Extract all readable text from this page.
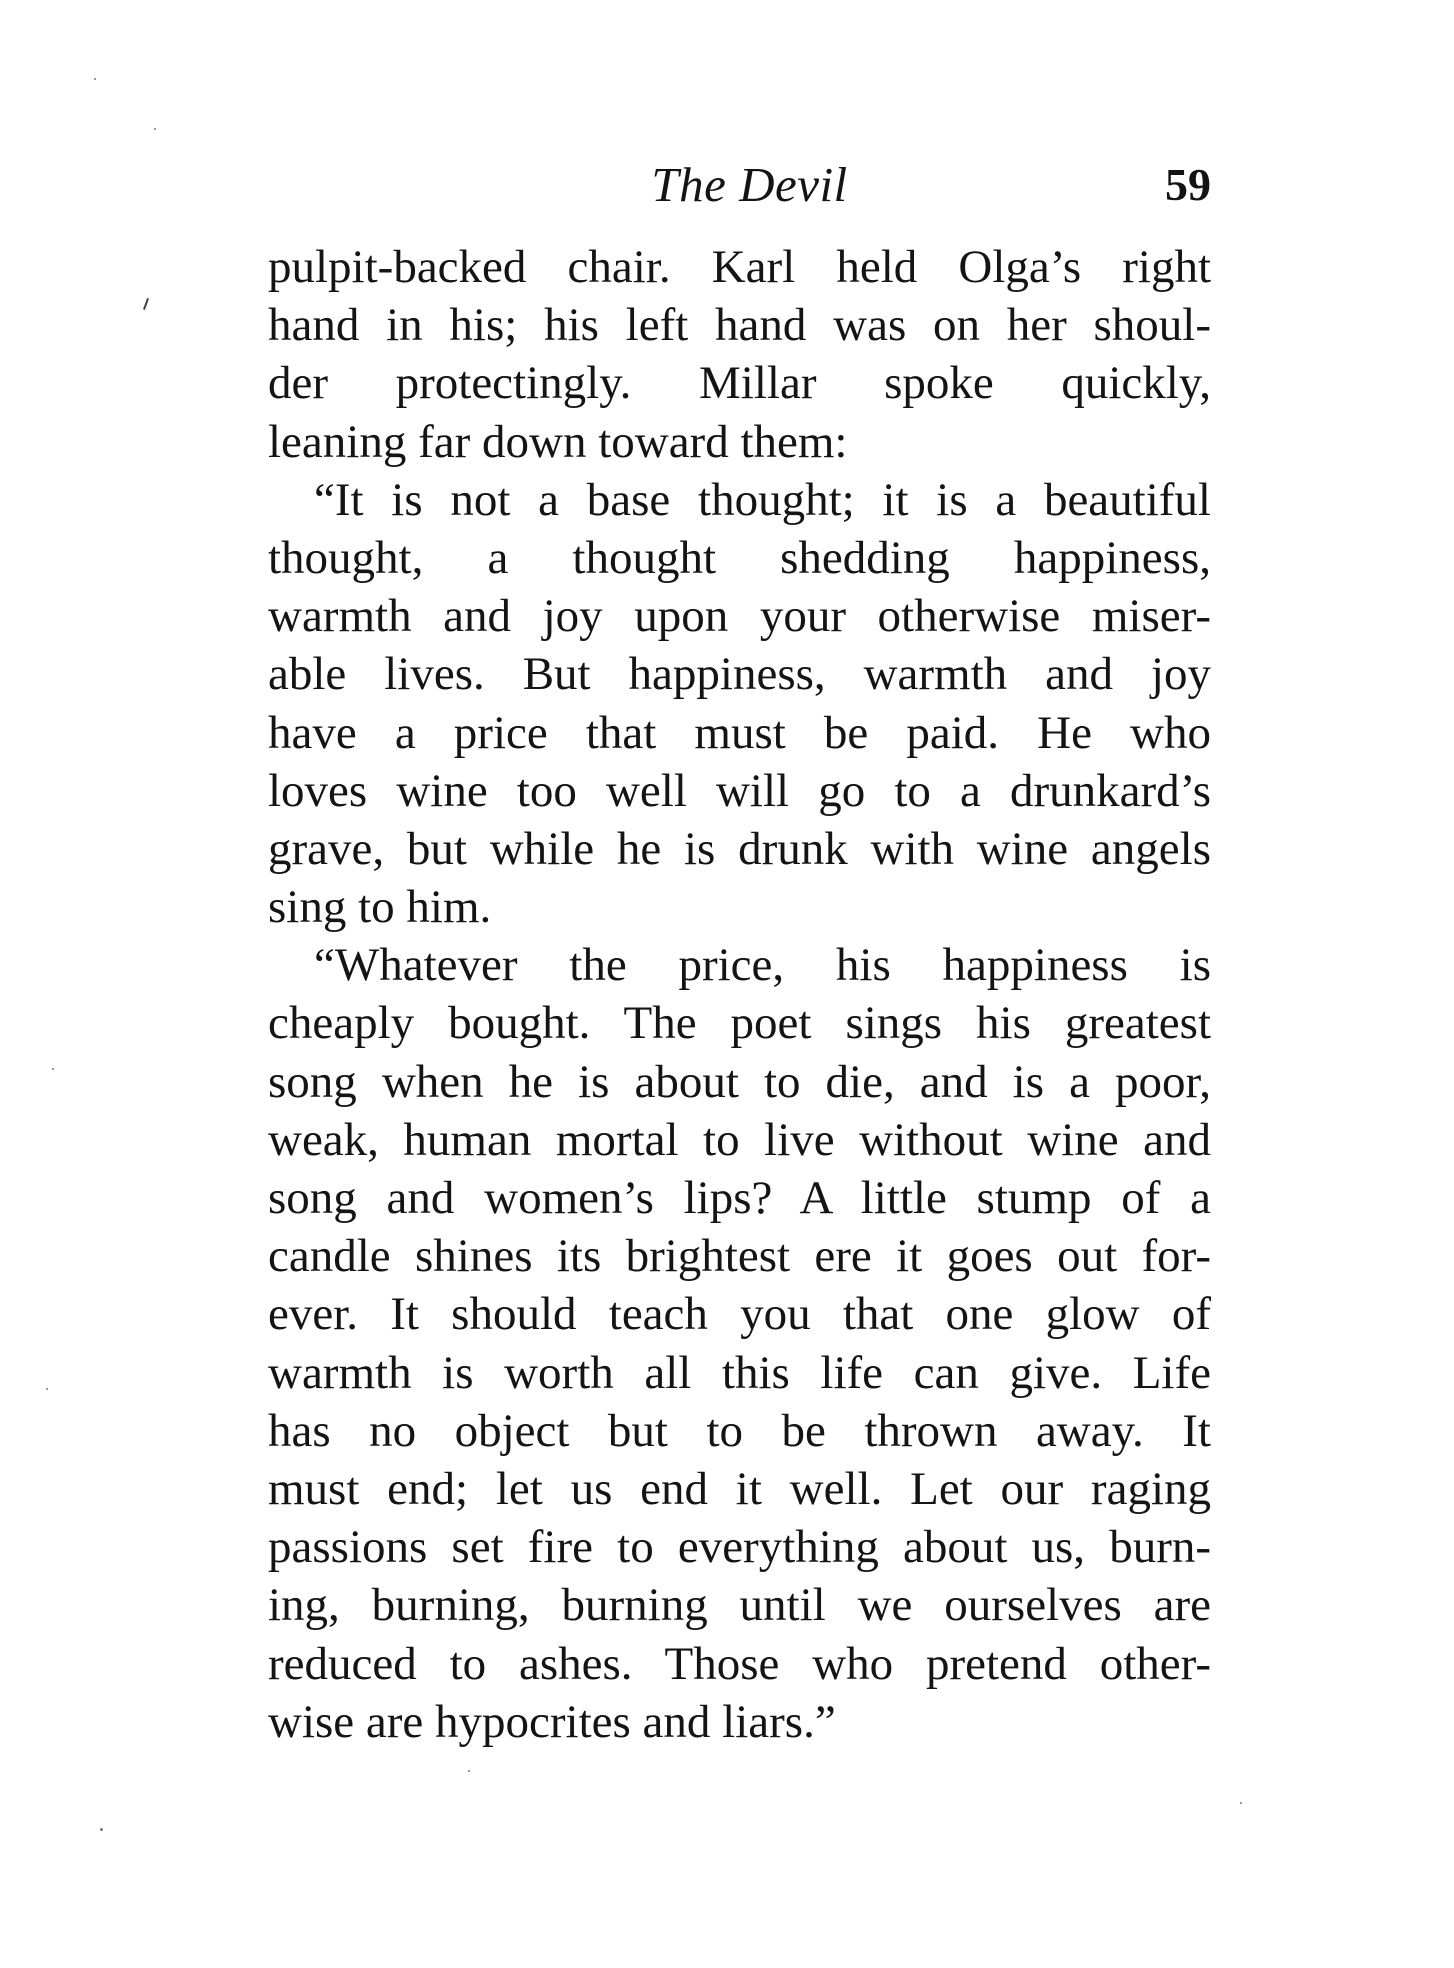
The Devil	59
pulpit-backed chair. Karl held Olga’s right
hand in his; his left hand was on her shoul-
der protectingly. Millar spoke quickly,
leaning far down toward them:
“It is not a base thought; it is a beautiful
thought, a thought shedding happiness,
warmth and joy upon your otherwise miser-
able lives. But happiness, warmth and joy
have a price that must be paid. He who
loves wine too well will go to a drunkard’s
grave, but while he is drunk with wine angels
sing to him.
“Whatever the price, his happiness is
cheaply bought. The poet sings his greatest
song when he is about to die, and is a poor,
weak, human mortal to live without wine and
song and women’s lips? A little stump of a
candle shines its brightest ere it goes out for-
ever. It should teach you that one glow of
warmth is worth all this life can give. Life
has no object but to be thrown away. It
must end; let us end it well. Let our raging
passions set fire to everything about us, burn-
ing, burning, burning until we ourselves are
reduced to ashes. Those who pretend other-
wise are hypocrites and liars.”
